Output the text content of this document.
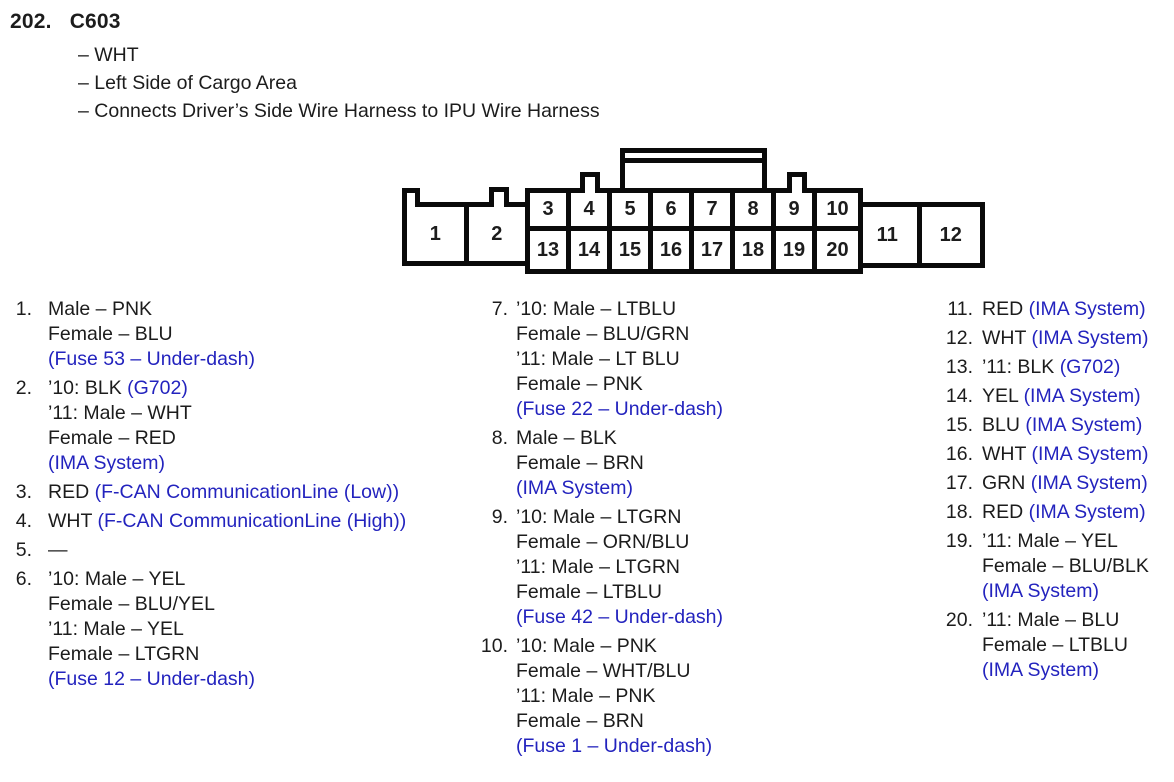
202. C603
– WHT
– Left Side of Cargo Area
– Connects Driver’s Side Wire Harness to IPU Wire Harness
1	2
3	4	5	6	7	8	9	10
13 14 15 16 17 18 19	20
11	12
1. Male – PNK
Female – BLU
(Fuse 53 – Under-dash)
2. ’10: BLK (G702)
’11: Male – WHT
Female – RED
(IMA System)
3. RED (F-CAN CommunicationLine (Low))
4. WHT (F-CAN CommunicationLine (High))
5. —
6. ’10: Male – YEL
Female – BLU/YEL
’11: Male – YEL
Female – LTGRN
(Fuse 12 – Under-dash)
7. ’10: Male – LTBLU
Female – BLU/GRN
’11: Male – LT BLU
Female – PNK
(Fuse 22 – Under-dash)
8. Male – BLK
Female – BRN
(IMA System)
9. ’10: Male – LTGRN
Female – ORN/BLU
’11: Male – LTGRN
Female – LTBLU
(Fuse 42 – Under-dash)
10. ’10: Male – PNK
Female – WHT/BLU
’11: Male – PNK
Female – BRN
(Fuse 1 – Under-dash)
11. RED (IMA System)
12. WHT (IMA System)
13. ’11: BLK (G702)
14. YEL (IMA System)
15. BLU (IMA System)
16. WHT (IMA System)
17. GRN (IMA System)
18. RED (IMA System)
19. ’11: Male – YEL
Female – BLU/BLK
(IMA System)
20. ’11: Male – BLU
Female – LTBLU
(IMA System)
